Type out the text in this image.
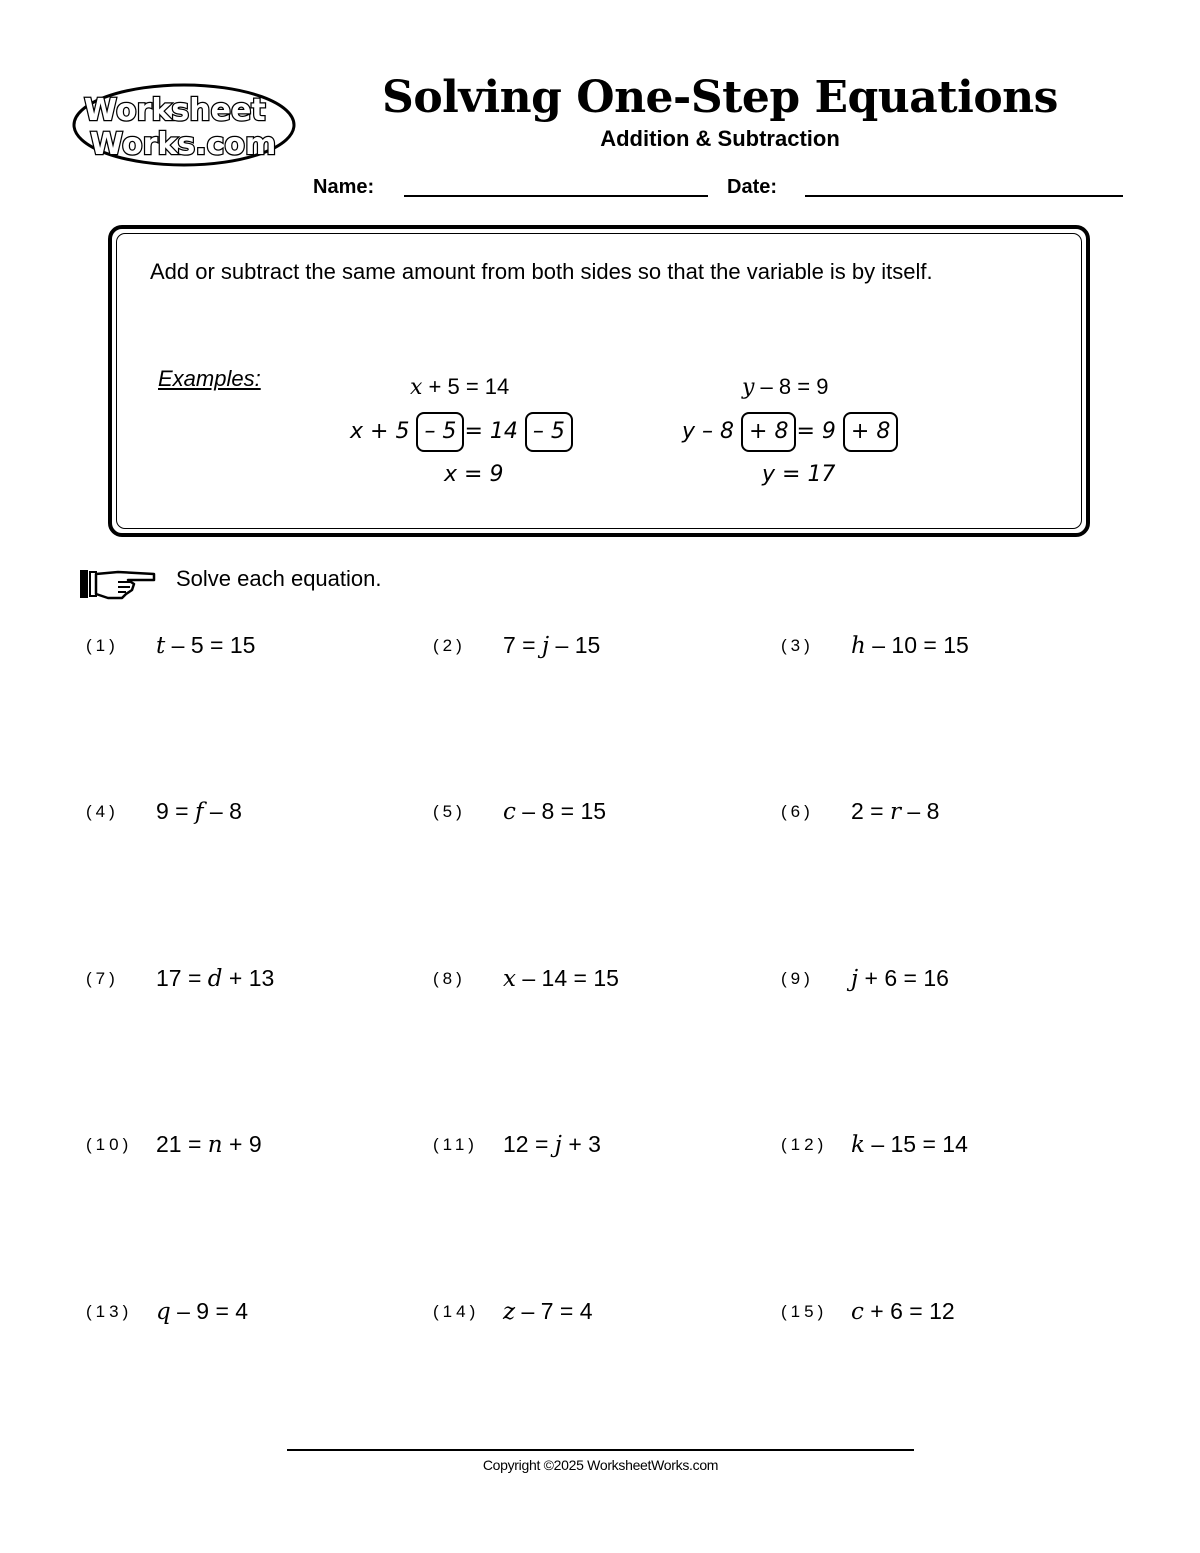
Worksheet
Works.com
Solving One-Step Equations
Addition & Subtraction
Name:	Date:
Add or subtract the same amount from both sides so that the variable is by itself.
Examples:	x + 5 = 14
x + 5 – 5 = 14 – 5
x = 9
y – 8 = 9
y – 8 + 8 = 9 + 8
y = 17
Solve each equation.
(1) t – 5 = 15	(2) 7 = j – 15	(3) h – 10 = 15
(4) 9 = f – 8	(5) c – 8 = 15	(6) 2 = r – 8
(7) 17 = d + 13	(8) x – 14 = 15	(9) j + 6 = 16
(10) 21 = n + 9	(11) 12 = j + 3	(12) k – 15 = 14
(13) q – 9 = 4	(14) z – 7 = 4	(15) c + 6 = 12
Copyright ©2025 WorksheetWorks.com
